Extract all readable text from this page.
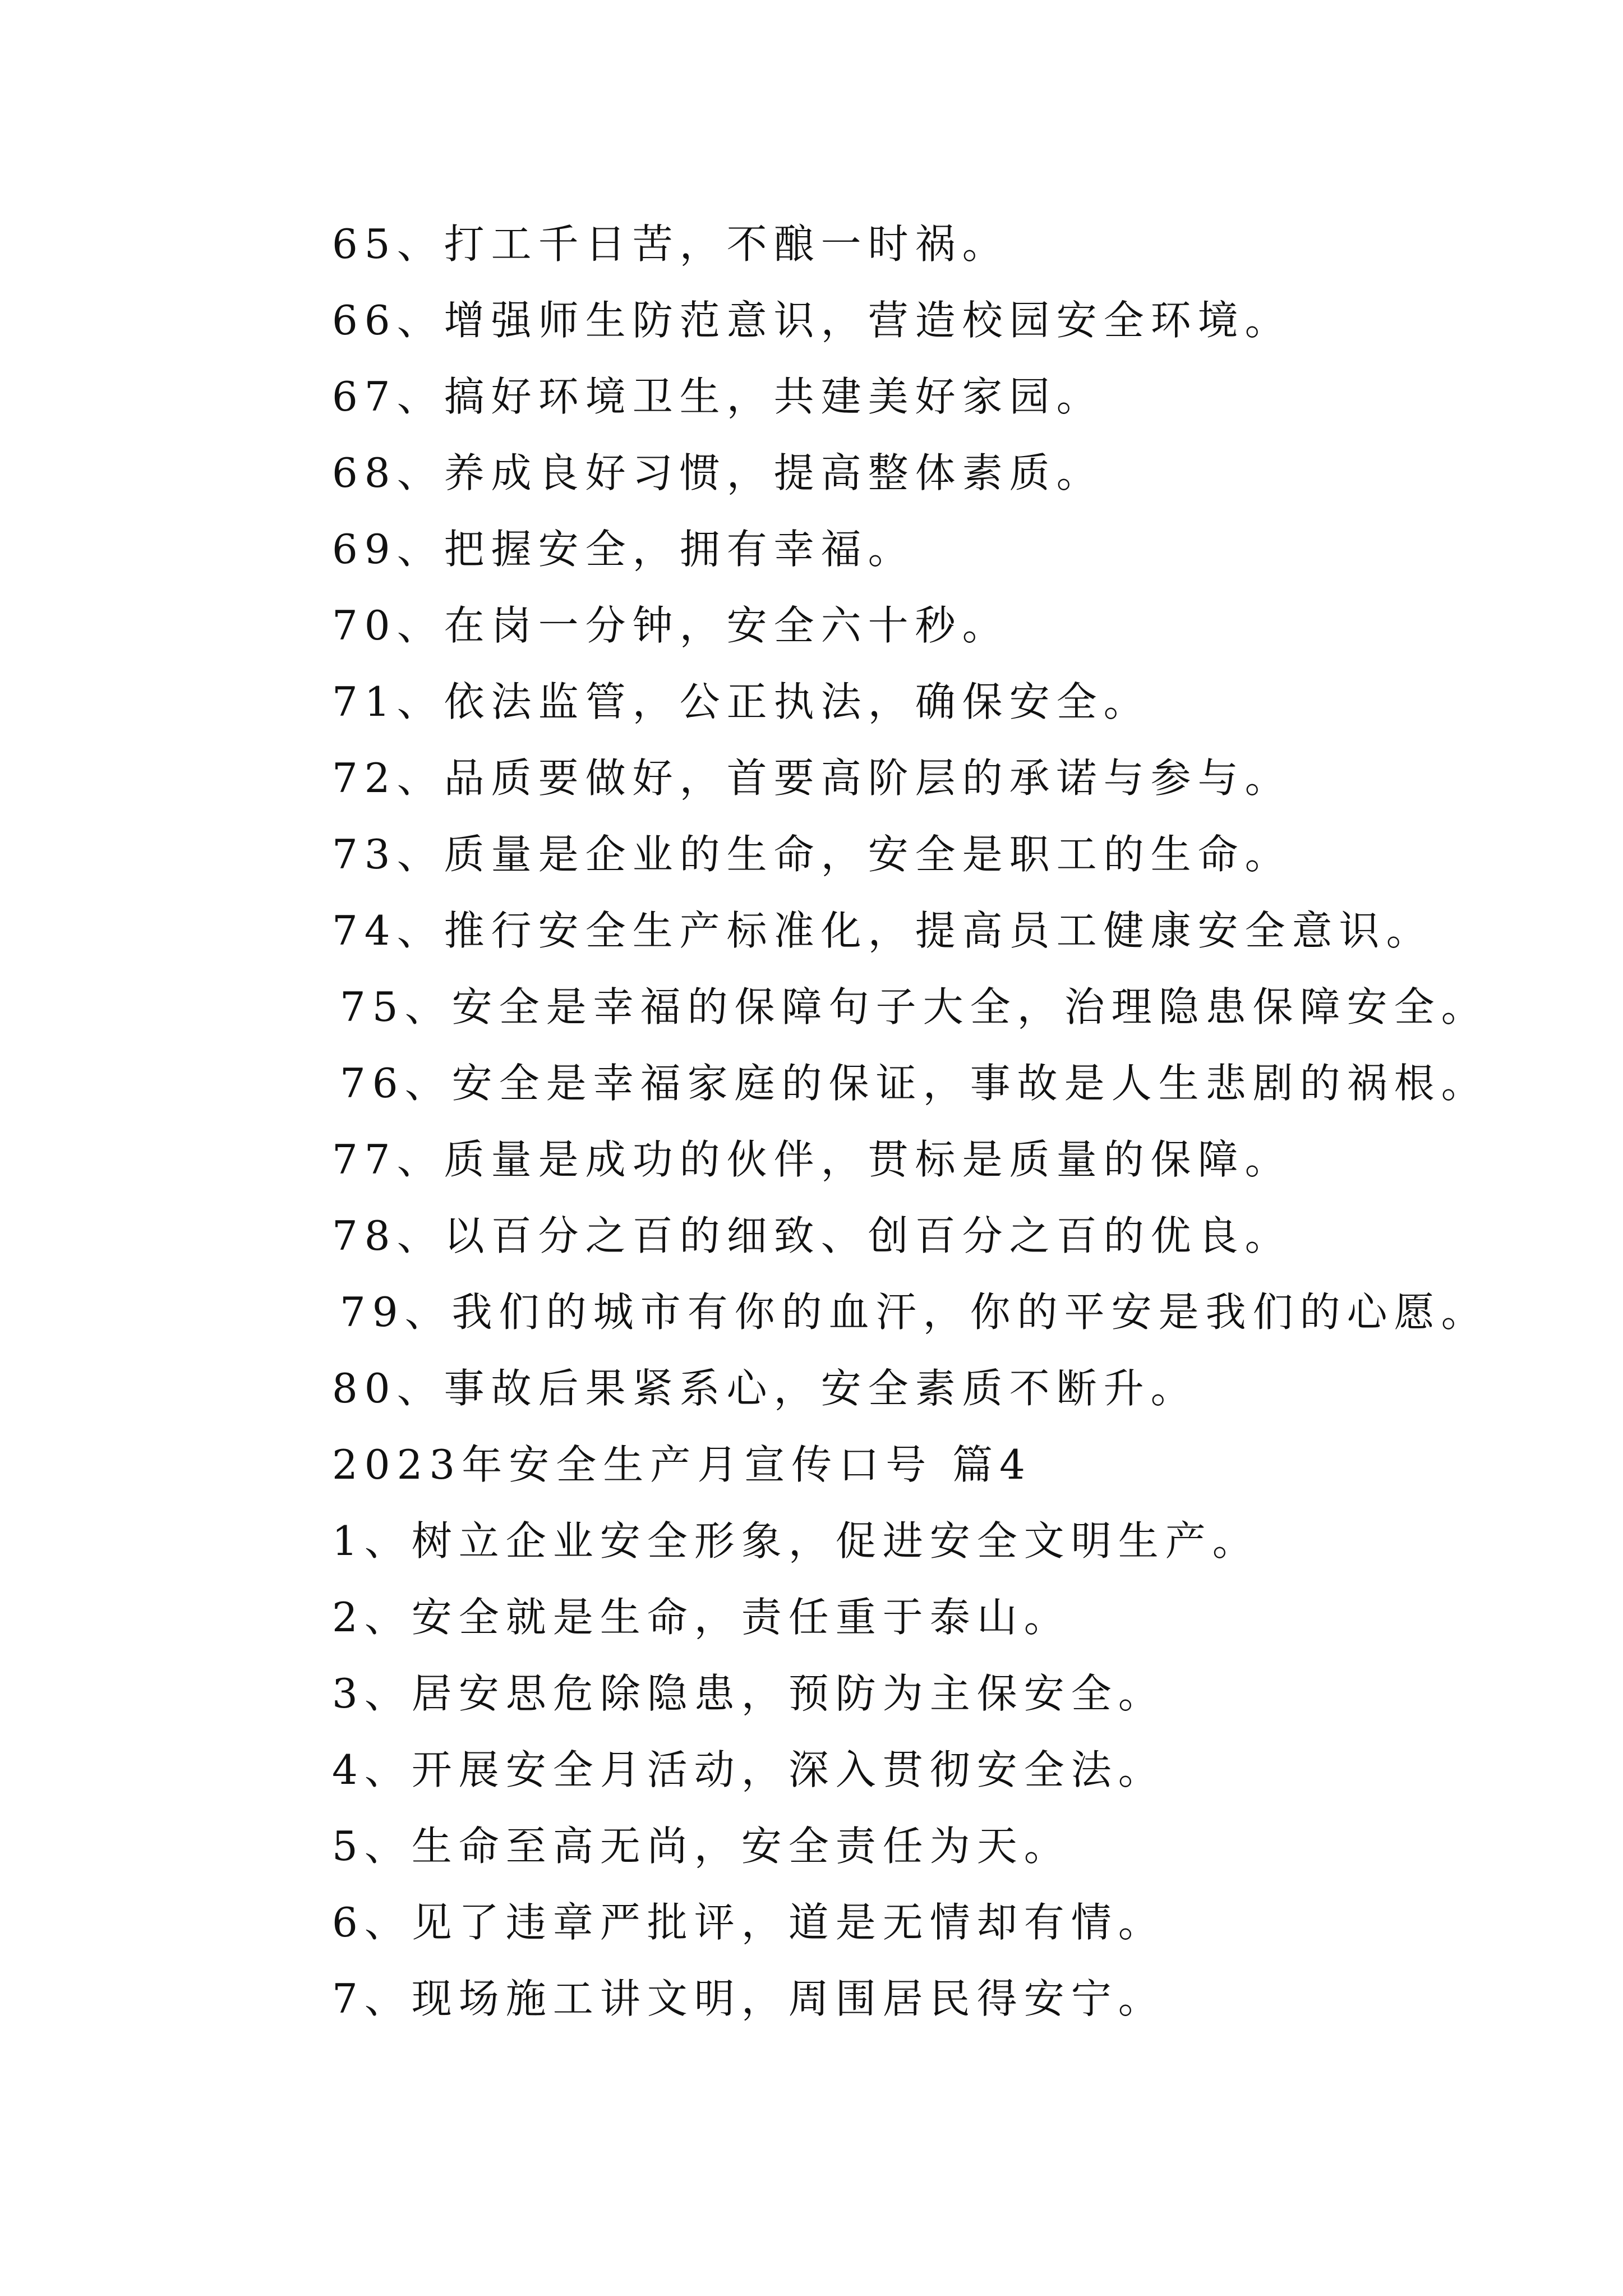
65、打工千日苦，不酿一时祸。
66、增强师生防范意识，营造校园安全环境。
67、搞好环境卫生，共建美好家园。
68、养成良好习惯，提高整体素质。
69、把握安全，拥有幸福。
70、在岗一分钟，安全六十秒。
71、依法监管，公正执法，确保安全。
72、品质要做好，首要高阶层的承诺与参与。
73、质量是企业的生命，安全是职工的生命。
74、推行安全生产标准化，提高员工健康安全意识。
75、安全是幸福的保障句子大全，治理隐患保障安全。
76、安全是幸福家庭的保证，事故是人生悲剧的祸根。
77、质量是成功的伙伴，贯标是质量的保障。
78、以百分之百的细致、创百分之百的优良。
79、我们的城市有你的血汗，你的平安是我们的心愿。
80、事故后果紧系心，安全素质不断升。
2023年安全生产月宣传口号 篇4
1、树立企业安全形象，促进安全文明生产。
2、安全就是生命，责任重于泰山。
3、居安思危除隐患，预防为主保安全。
4、开展安全月活动，深入贯彻安全法。
5、生命至高无尚，安全责任为天。
6、见了违章严批评，道是无情却有情。
7、现场施工讲文明，周围居民得安宁。
